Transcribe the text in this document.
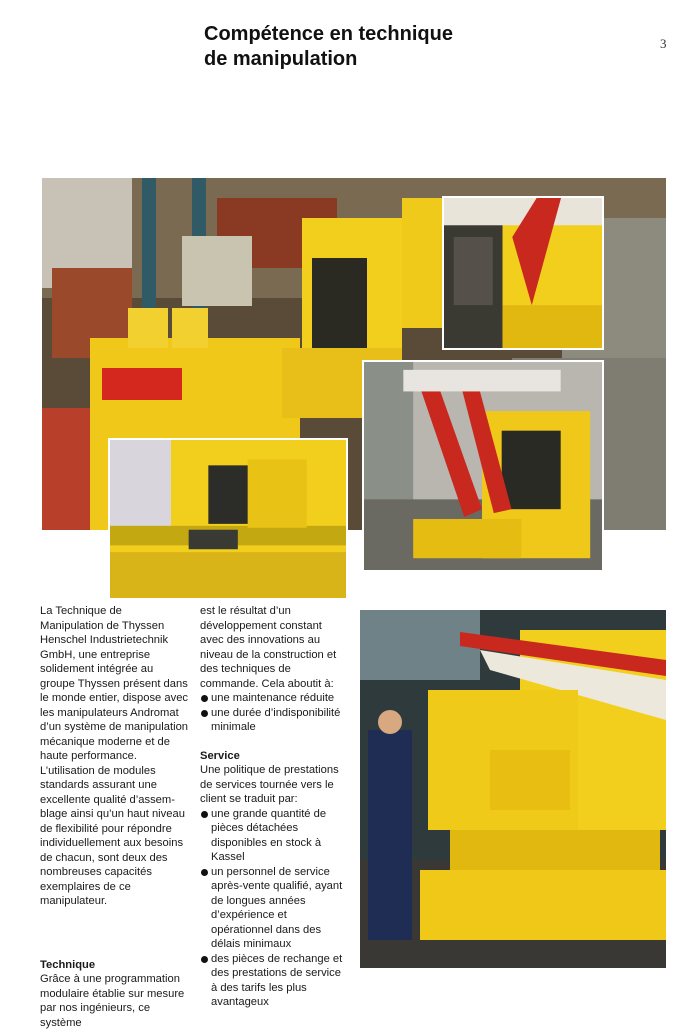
Compétence en technique
de manipulation
3

La Technique de Manipulation de Thyssen Henschel Industrietechnik GmbH, une entreprise solidement intégrée au groupe Thyssen présent dans le monde entier, dispose avec les manipulateurs Andromat d’un système de manipulation mécanique moderne et de haute performance. L’utilisation de modules standards assurant une excellente qualité d’assemblage ainsi qu’un haut niveau de flexibilité pour répondre individuellement aux besoins de chacun, sont deux des nombreuses capacités exemplaires de ce manipulateur.

Technique

Grâce à une programmation modulaire établie sur mesure par nos ingénieurs, ce système

est le résultat d’un développement constant avec des innovations au niveau de la construction et des techniques de commande. Cela aboutit à:

une maintenance réduite
une durée d’indisponibilité minimale
Service

Une politique de prestations de services tournée vers le client se traduit par:

une grande quantité de pièces détachées disponibles en stock à Kassel
un personnel de service après-vente qualifié, ayant de longues années d’expérience et opérationnel dans des délais minimaux
des pièces de rechange et des prestations de service à des tarifs les plus avantageux
